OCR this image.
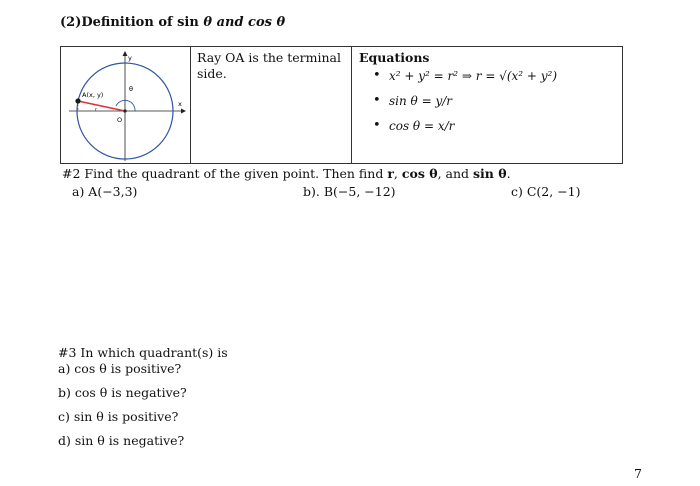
(2)Definition of sin θ and cos θ
A(x, y)
y
x
O
θ
r
Ray OA is the terminal side.
Equations
• x² + y² = r² ⇒ r = √(x² + y²)
• sin θ = y/r
• cos θ = x/r
#2 Find the quadrant of the given point. Then find r, cos θ, and sin θ.
a) A(−3,3)	b). B(−5, −12)	c) C(2, −1)
#3 In which quadrant(s) is
a) cos θ is positive?
b) cos θ is negative?
c) sin θ is positive?
d) sin θ is negative?
7
